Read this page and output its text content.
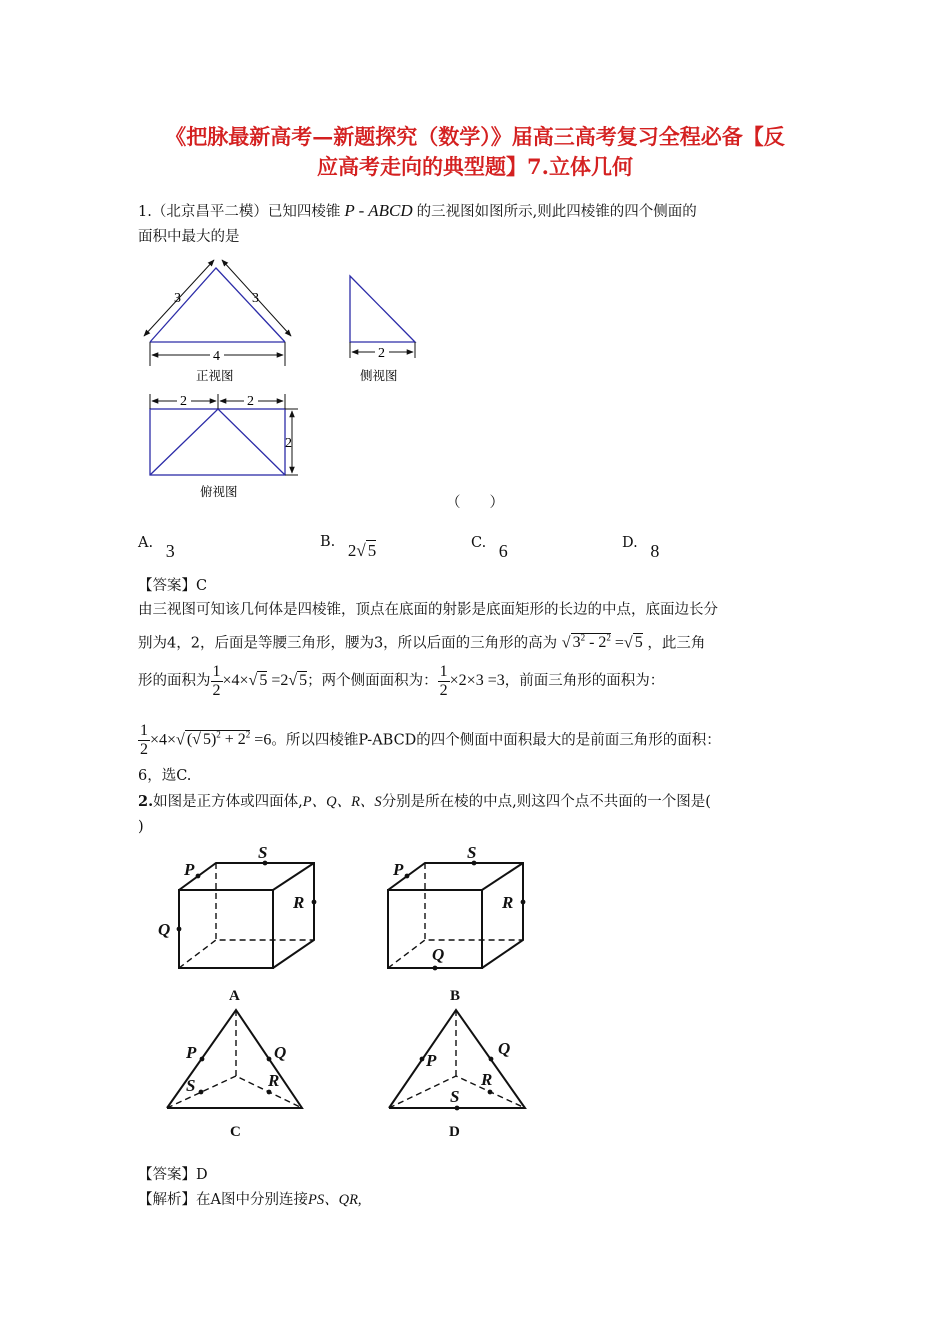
《把脉最新高考—新题探究（数学）》届高三高考复习全程必备【反
应高考走向的典型题】7.立体几何
1.（北京昌平二模）已知四棱锥 P - ABCD 的三视图如图所示,则此四棱锥的四个侧面的
面积中最大的是
3	3
4
正视图
2
侧视图
2	2
2
俯视图
（　　）
A. 3	B. 2√ 5	C. 6	D. 8
【答案】C
由三视图可知该几何体是四棱锥，顶点在底面的射影是底面矩形的长边的中点，底面边长分
别为4，2，后面是等腰三角形，腰为3，所以后面的三角形的高为 √ $3^2 - 2^2$ =√ 5 ，此三角
形的面积为 $\frac{1}{2} \times 4\times√$ 5 =2√ 5；两个侧面面积为： $\frac{1}{2} \times 2\times 3 =3$，前面三角形的面积为：
$\frac{1}{2} \times 4\times√$ (√ $5)^2 + 2^2 =6$。所以四棱锥P-ABCD的四个侧面中面积最大的是前面三角形的面积：
6，选C.
2.如图是正方体或四面体,P、Q、R、S分别是所在棱的中点,则这四个点不共面的一个图是(
)
P
S
R
Q
A
P
S
R
Q
B
P	Q
S	R
C
P
Q
R
S
D
【答案】D
【解析】在A图中分别连接PS、QR,
